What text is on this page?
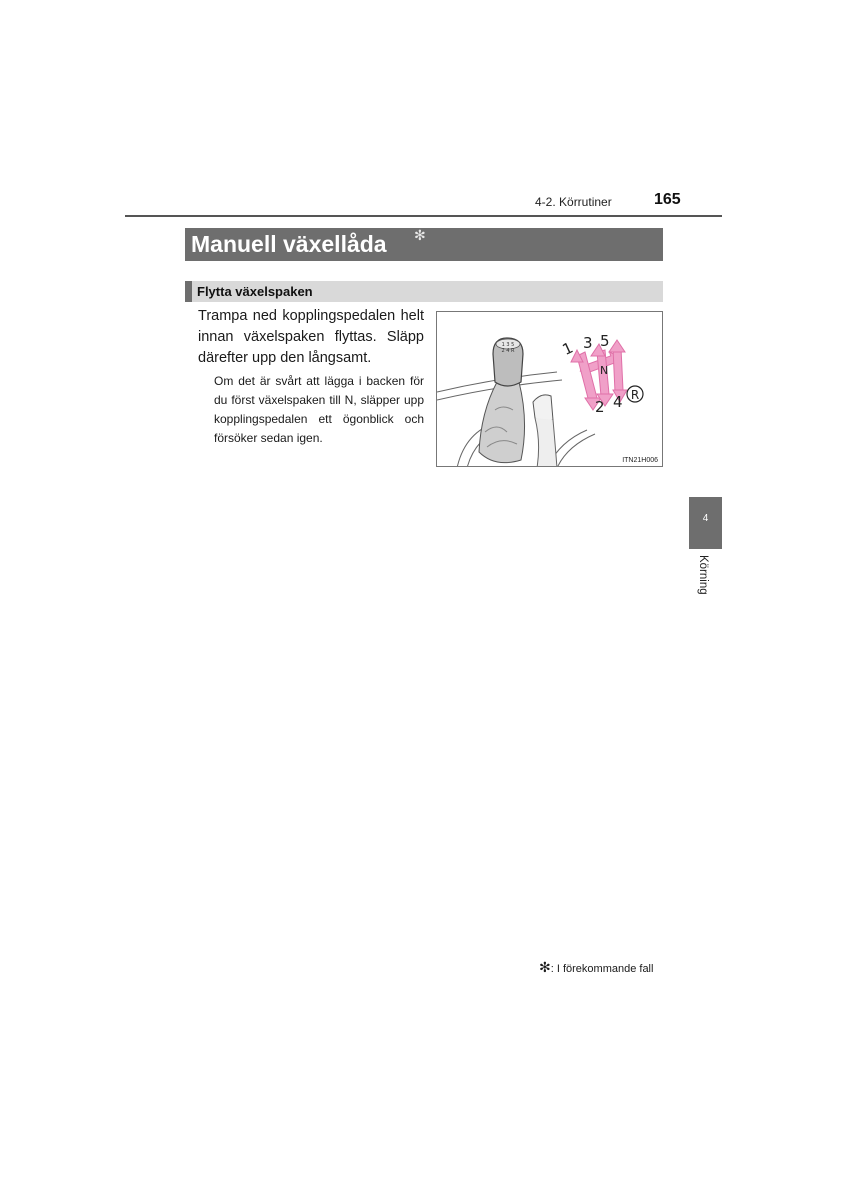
4-2. Körrutiner	165
Manuell växellåda ✻
Flytta växelspaken
Trampa ned kopplingspedalen helt innan växelspaken flyttas. Släpp därefter upp den långsamt.
Om det är svårt att lägga i backen för du först växelspaken till N, släpper upp kopplingspedalen ett ögonblick och försöker sedan igen.
1 3 5
2 4 R	1 3 5
N
2 4 R
ITN21H006
4
Körning
✻: I förekommande fall
